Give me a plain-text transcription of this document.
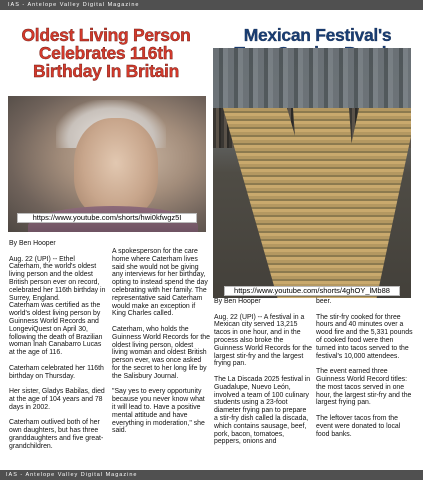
IAS - Antelope Valley Digital Magazine
Oldest Living Person
Celebrates 116th
Birthday In Britain
https://www.youtube.com/shorts/hwi0kfwgz5I
By Ben Hooper

Aug. 22 (UPI) -- Ethel Caterham, the world's oldest living person and the oldest British person ever on record, celebrated her 116th birthday in Surrey, England.
Caterham was certified as the world's oldest living person by Guinness World Records and LongeviQuest on April 30, following the death of Brazilian woman Inah Canabarro Lucas at the age of 116.

Caterham celebrated her 116th birthday on Thursday.

Her sister, Gladys Babilas, died at the age of 104 years and 78 days in 2002.

Caterham outlived both of her own daughters, but has three granddaughters and five great-grandchildren.

A spokesperson for the care home where Caterham lives said she would not be giving any interviews for her birthday, opting to instead spend the day celebrating with her family. The representative said Caterham would make an exception if King Charles called.

Caterham, who holds the Guinness World Records for the oldest living person, oldest living woman and oldest British person ever, was once asked for the secret to her long life by the Salisbury Journal.

"Say yes to every opportunity because you never know what it will lead to. Have a positive mental attitude and have everything in moderation," she said.

Mexican Festival's
https://www.youtube.com/shorts/4ghOY_lMb88
By Ben Hooper

Aug. 22 (UPI) -- A festival in a Mexican city served 13,215 tacos in one hour, and in the process also broke the Guinness World Records for the largest stir-fry and the largest frying pan.

The La Discada 2025 festival in Guadalupe, Nuevo León, involved a team of 100 culinary students using a 23-foot diameter frying pan to prepare a stir-fry dish called la discada, which contains sausage, beef, pork, bacon, tomatoes, peppers, onions and

beer.

The stir-fry cooked for three hours and 40 minutes over a wood fire and the 5,331 pounds of cooked food were then turned into tacos served to the festival's 10,000 attendees.

The event earned three Guinness World Record titles: the most tacos served in one hour, the largest stir-fry and the largest frying pan.

The leftover tacos from the event were donated to local food banks.

IAS - Antelope Valley Digital Magazine
